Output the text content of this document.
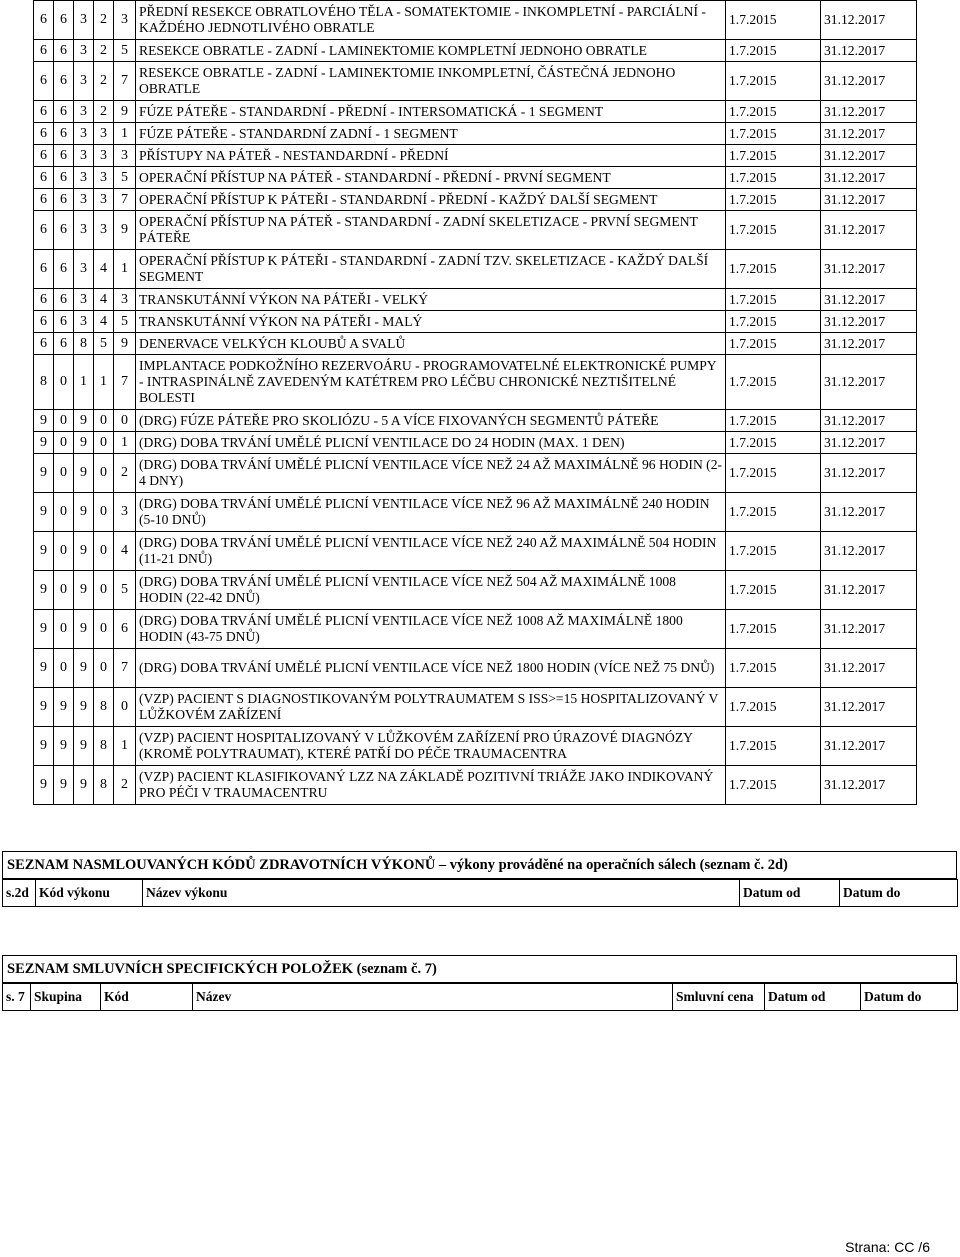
6	6	3	2	3	PŘEDNÍ RESEKCE OBRATLOVÉHO TĚLA - SOMATEKTOMIE - INKOMPLETNÍ - PARCIÁLNÍ - KAŽDÉHO JEDNOTLIVÉHO OBRATLE	1.7.2015	31.12.2017
6	6	3	2	5	RESEKCE OBRATLE - ZADNÍ - LAMINEKTOMIE KOMPLETNÍ JEDNOHO OBRATLE	1.7.2015	31.12.2017
6	6	3	2	7	RESEKCE OBRATLE - ZADNÍ - LAMINEKTOMIE INKOMPLETNÍ, ČÁSTEČNÁ JEDNOHO OBRATLE	1.7.2015	31.12.2017
6	6	3	2	9	FÚZE PÁTEŘE - STANDARDNÍ - PŘEDNÍ - INTERSOMATICKÁ - 1 SEGMENT	1.7.2015	31.12.2017
6	6	3	3	1	FÚZE PÁTEŘE - STANDARDNÍ ZADNÍ - 1 SEGMENT	1.7.2015	31.12.2017
6	6	3	3	3	PŘÍSTUPY NA PÁTEŘ - NESTANDARDNÍ - PŘEDNÍ	1.7.2015	31.12.2017
6	6	3	3	5	OPERAČNÍ PŘÍSTUP NA PÁTEŘ - STANDARDNÍ - PŘEDNÍ - PRVNÍ SEGMENT	1.7.2015	31.12.2017
6	6	3	3	7	OPERAČNÍ PŘÍSTUP K PÁTEŘI - STANDARDNÍ - PŘEDNÍ - KAŽDÝ DALŠÍ SEGMENT	1.7.2015	31.12.2017
6	6	3	3	9	OPERAČNÍ PŘÍSTUP NA PÁTEŘ - STANDARDNÍ - ZADNÍ SKELETIZACE - PRVNÍ SEGMENT PÁTEŘE	1.7.2015	31.12.2017
6	6	3	4	1	OPERAČNÍ PŘÍSTUP K PÁTEŘI - STANDARDNÍ - ZADNÍ TZV. SKELETIZACE - KAŽDÝ DALŠÍ SEGMENT	1.7.2015	31.12.2017
6	6	3	4	3	TRANSKUTÁNNÍ VÝKON NA PÁTEŘI - VELKÝ	1.7.2015	31.12.2017
6	6	3	4	5	TRANSKUTÁNNÍ VÝKON NA PÁTEŘI - MALÝ	1.7.2015	31.12.2017
6	6	8	5	9	DENERVACE VELKÝCH KLOUBŮ A SVALŮ	1.7.2015	31.12.2017
8	0	1	1	7	IMPLANTACE PODKOŽNÍHO REZERVOÁRU - PROGRAMOVATELNÉ ELEKTRONICKÉ PUMPY - INTRASPINÁLNĚ ZAVEDENÝM KATÉTREM PRO LÉČBU CHRONICKÉ NEZTIŠITELNÉ BOLESTI	1.7.2015	31.12.2017
9	0	9	0	0	(DRG) FÚZE PÁTEŘE PRO SKOLIÓZU - 5 A VÍCE FIXOVANÝCH SEGMENTŮ PÁTEŘE	1.7.2015	31.12.2017
9	0	9	0	1	(DRG) DOBA TRVÁNÍ UMĚLÉ PLICNÍ VENTILACE DO 24 HODIN (MAX. 1 DEN)	1.7.2015	31.12.2017
9	0	9	0	2	(DRG) DOBA TRVÁNÍ UMĚLÉ PLICNÍ VENTILACE VÍCE NEŽ 24 AŽ MAXIMÁLNĚ 96 HODIN (2-4 DNY)	1.7.2015	31.12.2017
9	0	9	0	3	(DRG) DOBA TRVÁNÍ UMĚLÉ PLICNÍ VENTILACE VÍCE NEŽ 96 AŽ MAXIMÁLNĚ 240 HODIN (5-10 DNŮ)	1.7.2015	31.12.2017
9	0	9	0	4	(DRG) DOBA TRVÁNÍ UMĚLÉ PLICNÍ VENTILACE VÍCE NEŽ 240 AŽ MAXIMÁLNĚ 504 HODIN (11-21 DNŮ)	1.7.2015	31.12.2017
9	0	9	0	5	(DRG) DOBA TRVÁNÍ UMĚLÉ PLICNÍ VENTILACE VÍCE NEŽ 504 AŽ MAXIMÁLNĚ 1008 HODIN (22-42 DNŮ)	1.7.2015	31.12.2017
9	0	9	0	6	(DRG) DOBA TRVÁNÍ UMĚLÉ PLICNÍ VENTILACE VÍCE NEŽ 1008 AŽ MAXIMÁLNĚ 1800 HODIN (43-75 DNŮ)	1.7.2015	31.12.2017
9	0	9	0	7	(DRG) DOBA TRVÁNÍ UMĚLÉ PLICNÍ VENTILACE VÍCE NEŽ 1800 HODIN (VÍCE NEŽ 75 DNŮ)	1.7.2015	31.12.2017
9	9	9	8	0	(VZP) PACIENT S DIAGNOSTIKOVANÝM POLYTRAUMATEM S ISS>=15 HOSPITALIZOVANÝ V LŮŽKOVÉM ZAŘÍZENÍ	1.7.2015	31.12.2017
9	9	9	8	1	(VZP) PACIENT HOSPITALIZOVANÝ V LŮŽKOVÉM ZAŘÍZENÍ PRO ÚRAZOVÉ DIAGNÓZY (KROMĚ POLYTRAUMAT), KTERÉ PATŘÍ DO PÉČE TRAUMACENTRA	1.7.2015	31.12.2017
9	9	9	8	2	(VZP) PACIENT KLASIFIKOVANÝ LZZ NA ZÁKLADĚ POZITIVNÍ TRIÁŽE JAKO INDIKOVANÝ PRO PÉČI V TRAUMACENTRU	1.7.2015	31.12.2017
SEZNAM NASMLOUVANÝCH KÓDŮ ZDRAVOTNÍCH VÝKONŮ – výkony prováděné na operačních sálech (seznam č. 2d)
s.2d	Kód výkonu	Název výkonu	Datum od	Datum do
SEZNAM SMLUVNÍCH SPECIFICKÝCH POLOŽEK (seznam č. 7)
s. 7	Skupina	Kód	Název	Smluvní cena	Datum od	Datum do
Strana: CC /6
